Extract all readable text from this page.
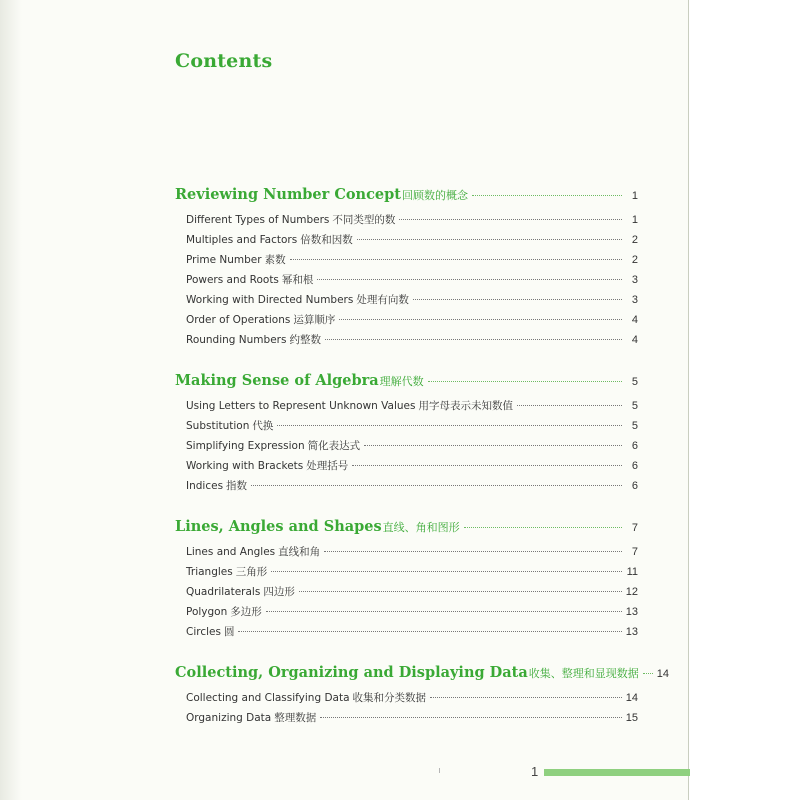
Contents
Reviewing Number Concept 回顾数的概念	1
Different Types of Numbers 不同类型的数	1
Multiples and Factors 倍数和因数	2
Prime Number 素数	2
Powers and Roots 幂和根	3
Working with Directed Numbers 处理有向数	3
Order of Operations 运算顺序	4
Rounding Numbers 约整数	4
Making Sense of Algebra 理解代数	5
Using Letters to Represent Unknown Values 用字母表示未知数值	5
Substitution 代换	5
Simplifying Expression 简化表达式	6
Working with Brackets 处理括号	6
Indices 指数	6
Lines, Angles and Shapes 直线、角和图形	7
Lines and Angles 直线和角	7
Triangles 三角形	11
Quadrilaterals 四边形	12
Polygon 多边形	13
Circles 圆	13
Collecting, Organizing and Displaying Data 收集、整理和显现数据 14
Collecting and Classifying Data 收集和分类数据	14
Organizing Data 整理数据	15
1
